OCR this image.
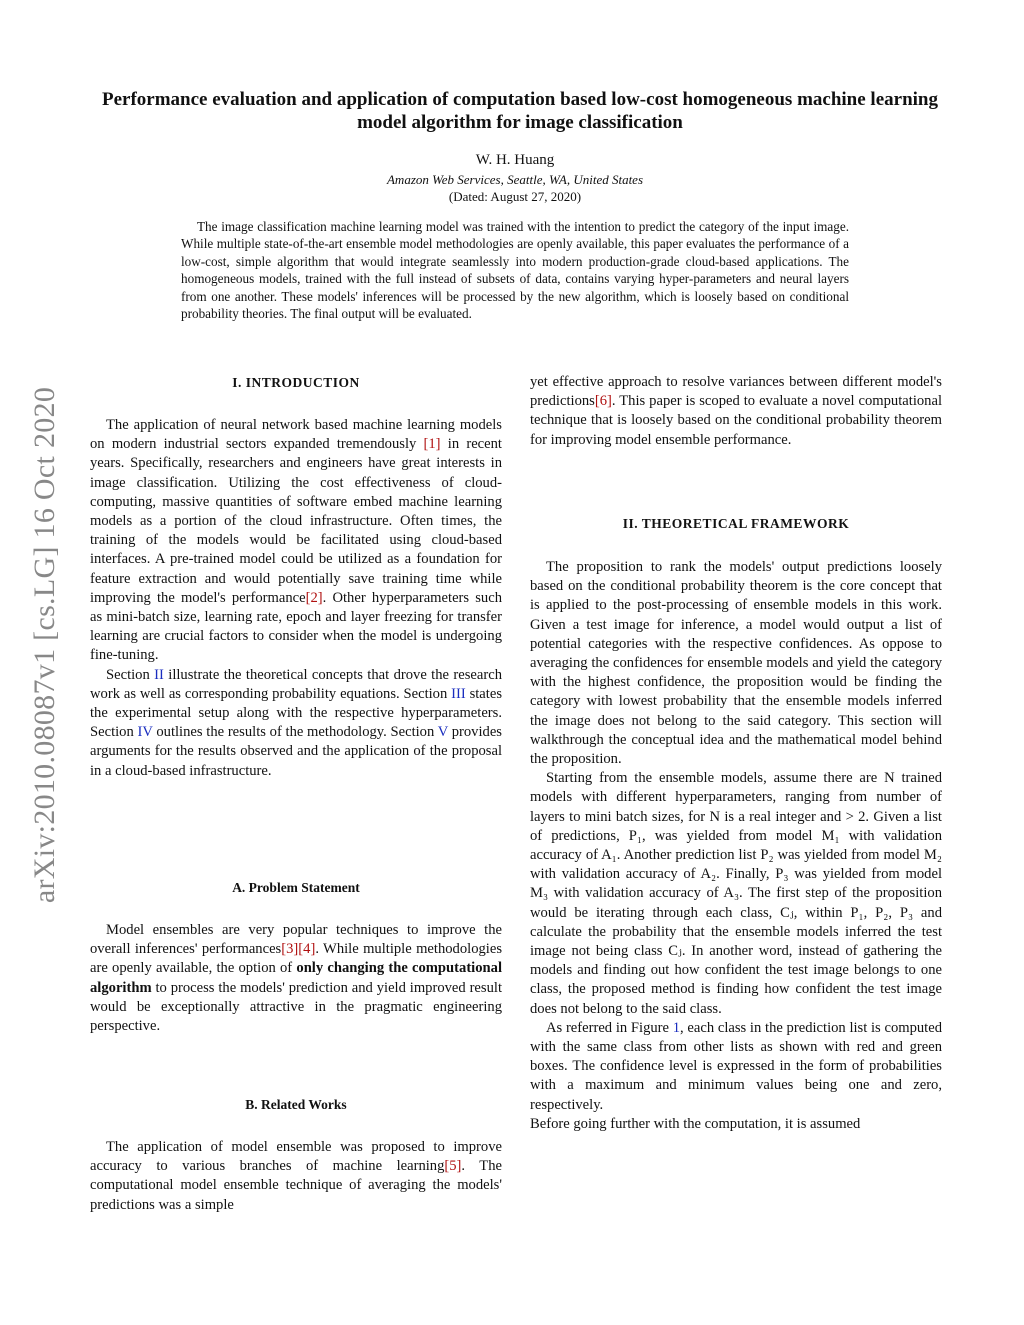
Performance evaluation and application of computation based low-cost homogeneous machine learning model algorithm for image classification
W. H. Huang
Amazon Web Services, Seattle, WA, United States
(Dated: August 27, 2020)

The image classification machine learning model was trained with the intention to predict the category of the input image. While multiple state-of-the-art ensemble model methodologies are openly available, this paper evaluates the performance of a low-cost, simple algorithm that would integrate seamlessly into modern production-grade cloud-based applications. The homogeneous models, trained with the full instead of subsets of data, contains varying hyper-parameters and neural layers from one another. These models' inferences will be processed by the new algorithm, which is loosely based on conditional probability theories. The final output will be evaluated.

arXiv:2010.08087v1 [cs.LG] 16 Oct 2020
I. INTRODUCTION

The application of neural network based machine learning models on modern industrial sectors expanded tremendously [1] in recent years. Specifically, researchers and engineers have great interests in image classification. Utilizing the cost effectiveness of cloud-computing, massive quantities of software embed machine learning models as a portion of the cloud infrastructure. Often times, the training of the models would be facilitated using cloud-based interfaces. A pre-trained model could be utilized as a foundation for feature extraction and would potentially save training time while improving the model's performance[2]. Other hyperparameters such as mini-batch size, learning rate, epoch and layer freezing for transfer learning are crucial factors to consider when the model is undergoing fine-tuning.

Section II illustrate the theoretical concepts that drove the research work as well as corresponding probability equations. Section III states the experimental setup along with the respective hyperparameters. Section IV outlines the results of the methodology. Section V provides arguments for the results observed and the application of the proposal in a cloud-based infrastructure.

A. Problem Statement

Model ensembles are very popular techniques to improve the overall inferences' performances[3][4]. While multiple methodologies are openly available, the option of only changing the computational algorithm to process the models' prediction and yield improved result would be exceptionally attractive in the pragmatic engineering perspective.

B. Related Works

The application of model ensemble was proposed to improve accuracy to various branches of machine learning[5]. The computational model ensemble technique of averaging the models' predictions was a simple

yet effective approach to resolve variances between different model's predictions[6]. This paper is scoped to evaluate a novel computational technique that is loosely based on the conditional probability theorem for improving model ensemble performance.

II. THEORETICAL FRAMEWORK

The proposition to rank the models' output predictions loosely based on the conditional probability theorem is the core concept that is applied to the post-processing of ensemble models in this work. Given a test image for inference, a model would output a list of potential categories with the respective confidences. As oppose to averaging the confidences for ensemble models and yield the category with the highest confidence, the proposition would be finding the category with lowest probability that the ensemble models inferred the image does not belong to the said category. This section will walkthrough the conceptual idea and the mathematical model behind the proposition.

Starting from the ensemble models, assume there are N trained models with different hyperparameters, ranging from number of layers to mini batch sizes, for N is a real integer and > 2. Given a list of predictions, P₁, was yielded from model M₁ with validation accuracy of A₁. Another prediction list P₂ was yielded from model M₂ with validation accuracy of A₂. Finally, P₃ was yielded from model M₃ with validation accuracy of A₃. The first step of the proposition would be iterating through each class, Cⱼ, within P₁, P₂, P₃ and calculate the probability that the ensemble models inferred the test image not being class Cⱼ. In another word, instead of gathering the models and finding out how confident the test image belongs to one class, the proposed method is finding how confident the test image does not belong to the said class.

As referred in Figure 1, each class in the prediction list is computed with the same class from other lists as shown with red and green boxes. The confidence level is expressed in the form of probabilities with a maximum and minimum values being one and zero, respectively.

Before going further with the computation, it is assumed
